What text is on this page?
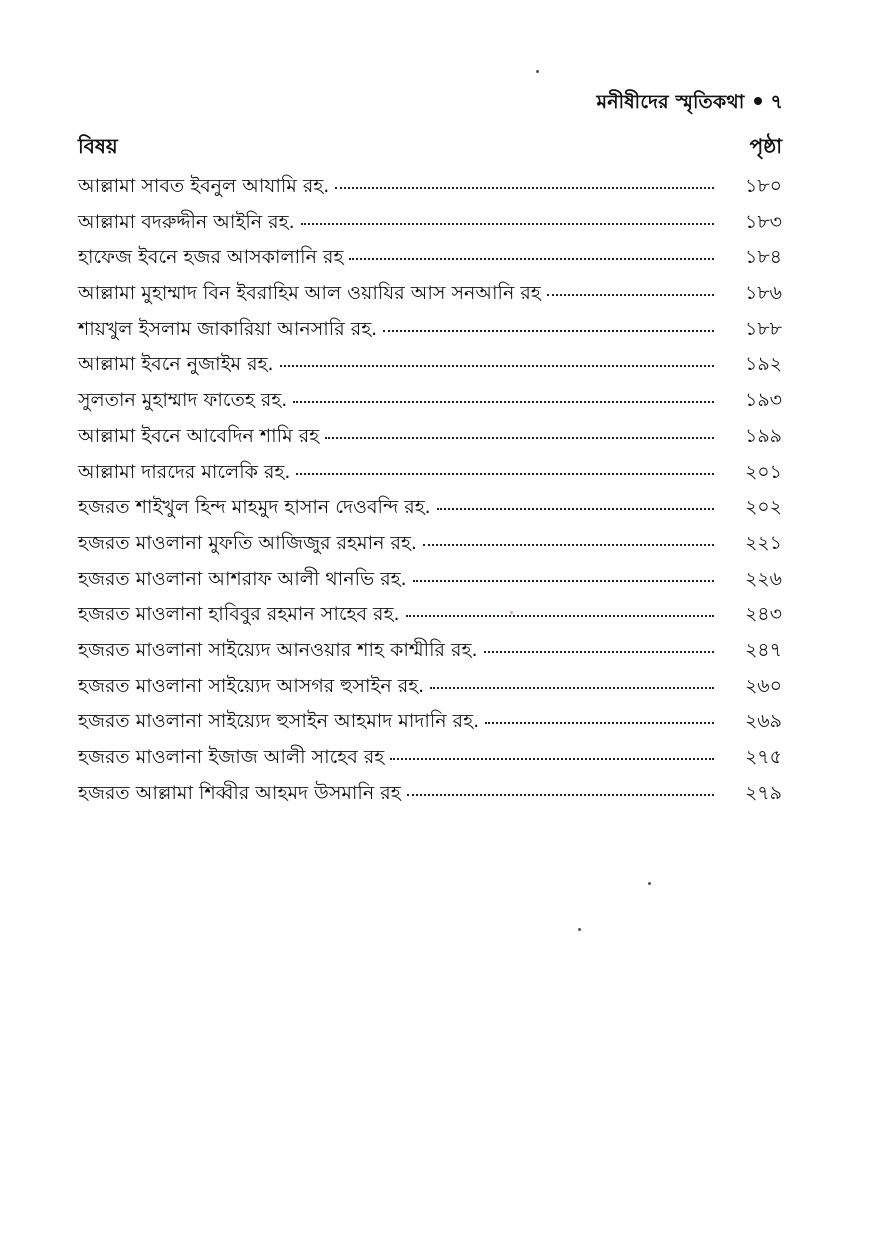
মনীষীদের স্মৃতিকথা ৭
বিষয়	পৃষ্ঠা
আল্লামা সাবত ইবনুল আযামি রহ.	১৮০
আল্লামা বদরুদ্দীন আইনি রহ.	১৮৩
হাফেজ ইবনে হজর আসকালানি রহ	১৮৪
আল্লামা মুহাম্মাদ বিন ইবরাহিম আল ওয়াযির আস সনআনি রহ	১৮৬
শায়খুল ইসলাম জাকারিয়া আনসারি রহ.	১৮৮
আল্লামা ইবনে নুজাইম রহ.	১৯২
সুলতান মুহাম্মাদ ফাতেহ রহ.	১৯৩
আল্লামা ইবনে আবেদিন শামি রহ	১৯৯
আল্লামা দারদের মালেকি রহ.	২০১
হজরত শাইখুল হিন্দ মাহমুদ হাসান দেওবন্দি রহ.	২০২
হজরত মাওলানা মুফতি আজিজুর রহমান রহ.	২২১
হজরত মাওলানা আশরাফ আলী থানভি রহ.	২২৬
হজরত মাওলানা হাবিবুর রহমান সাহেব রহ.	২৪৩
হজরত মাওলানা সাইয়্যেদ আনওয়ার শাহ কাশ্মীরি রহ.	২৪৭
হজরত মাওলানা সাইয়্যেদ আসগর হুসাইন রহ.	২৬০
হজরত মাওলানা সাইয়্যেদ হুসাইন আহমাদ মাদানি রহ.	২৬৯
হজরত মাওলানা ইজাজ আলী সাহেব রহ	২৭৫
হজরত আল্লামা শিব্বীর আহমদ উসমানি রহ	২৭৯
